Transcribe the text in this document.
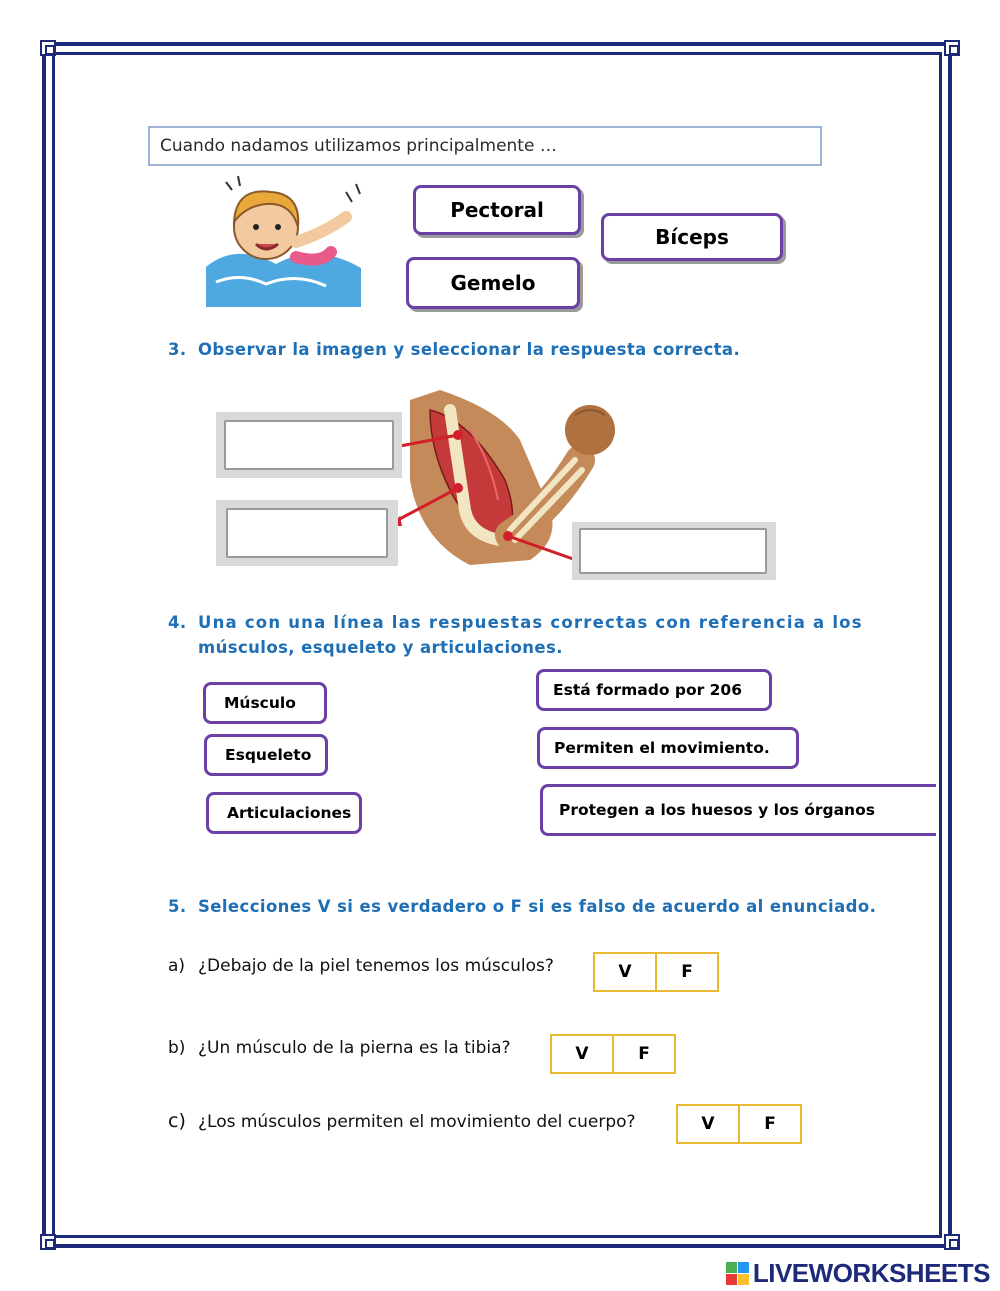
Cuando nadamos utilizamos principalmente …
Pectoral
Bíceps
Gemelo
3. Observar la imagen y seleccionar la respuesta correcta.
4. Una con una línea las respuestas correctas con referencia a los
músculos, esqueleto y articulaciones.
Músculo
Esqueleto
Articulaciones
Está formado por 206
Permiten el movimiento.
Protegen a los huesos y los órganos
5. Selecciones V si es verdadero o F si es falso de acuerdo al enunciado.
a) ¿Debajo de la piel tenemos los músculos?	V	F
b) ¿Un músculo de la pierna es la tibia?	V	F
c) ¿Los músculos permiten el movimiento del cuerpo?	V	F
LIVEWORKSHEETS
